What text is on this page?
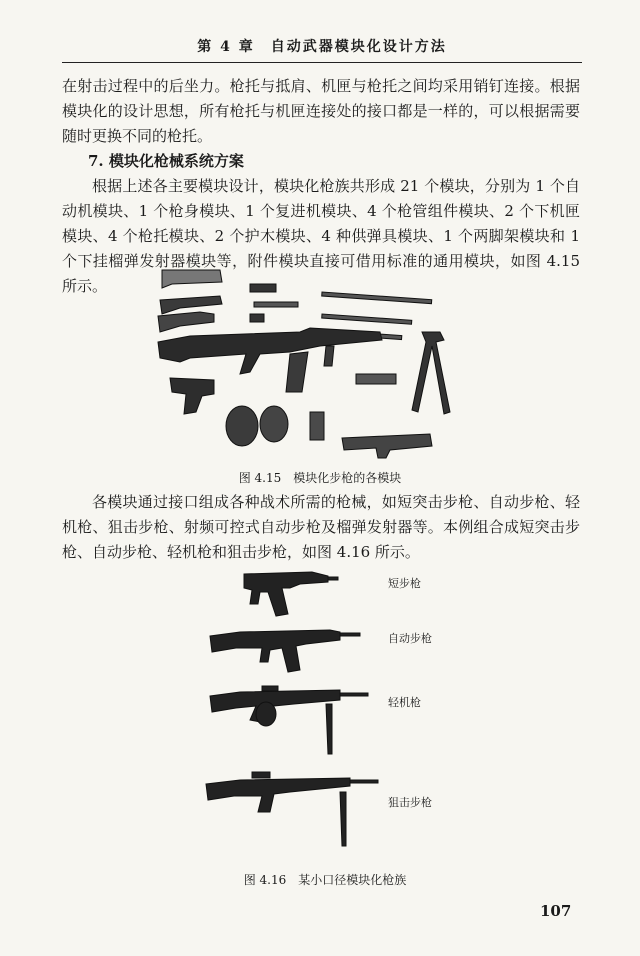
第 4 章　自动武器模块化设计方法

在射击过程中的后坐力。枪托与抵肩、机匣与枪托之间均采用销钉连接。根据模块化的设计思想，所有枪托与机匣连接处的接口都是一样的，可以根据需要随时更换不同的枪托。

7. 模块化枪械系统方案

根据上述各主要模块设计，模块化枪族共形成 21 个模块，分别为 1 个自动机模块、1 个枪身模块、1 个复进机模块、4 个枪管组件模块、2 个下机匣模块、4 个枪托模块、2 个护木模块、4 种供弹具模块、1 个两脚架模块和 1 个下挂榴弹发射器模块等，附件模块直接可借用标准的通用模块，如图 4.15 所示。

图 4.15　模块化步枪的各模块

各模块通过接口组成各种战术所需的枪械，如短突击步枪、自动步枪、轻机枪、狙击步枪、射频可控式自动步枪及榴弹发射器等。本例组合成短突击步枪、自动步枪、轻机枪和狙击步枪，如图 4.16 所示。

短步枪
自动步枪
轻机枪
狙击步枪
图 4.16　某小口径模块化枪族
107
